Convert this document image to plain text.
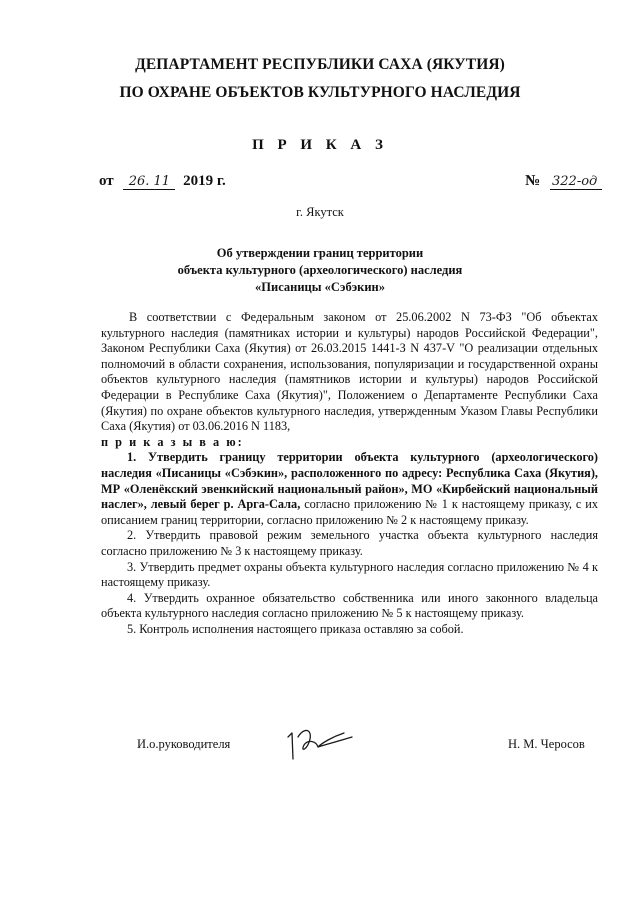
ДЕПАРТАМЕНТ РЕСПУБЛИКИ САХА (ЯКУТИЯ)
ПО ОХРАНЕ ОБЪЕКТОВ КУЛЬТУРНОГО НАСЛЕДИЯ
П Р И К А З
от 26. 11 2019 г.	№ 322-од
г. Якутск
Об утверждении границ территории
объекта культурного (археологического) наследия
«Писаницы «Сэбэкин»

В соответствии с Федеральным законом от 25.06.2002 N 73-ФЗ "Об объектах культурного наследия (памятниках истории и культуры) народов Российской Федерации", Законом Республики Саха (Якутия) от 26.03.2015 1441-З N 437-V "О реализации отдельных полномочий в области сохранения, использования, популяризации и государственной охраны объектов культурного наследия (памятников истории и культуры) народов Российской Федерации в Республике Саха (Якутия)", Положением о Департаменте Республики Саха (Якутия) по охране объектов культурного наследия, утвержденным Указом Главы Республики Саха (Якутия) от 03.06.2016 N 1183,

п р и к а з ы в а ю:

1. Утвердить границу территории объекта культурного (археологического) наследия «Писаницы «Сэбэкин», расположенного по адресу: Республика Саха (Якутия), МР «Оленёкский эвенкийский национальный район», МО «Кирбейский национальный наслег», левый берег р. Арга-Сала, согласно приложению № 1 к настоящему приказу, с их описанием границ территории, согласно приложению № 2 к настоящему приказу.

2. Утвердить правовой режим земельного участка объекта культурного наследия согласно приложению № 3 к настоящему приказу.

3. Утвердить предмет охраны объекта культурного наследия согласно приложению № 4 к настоящему приказу.

4. Утвердить охранное обязательство собственника или иного законного владельца объекта культурного наследия согласно приложению № 5 к настоящему приказу.

5. Контроль исполнения настоящего приказа оставляю за собой.

И.о.руководителя	Н. М. Черосов
